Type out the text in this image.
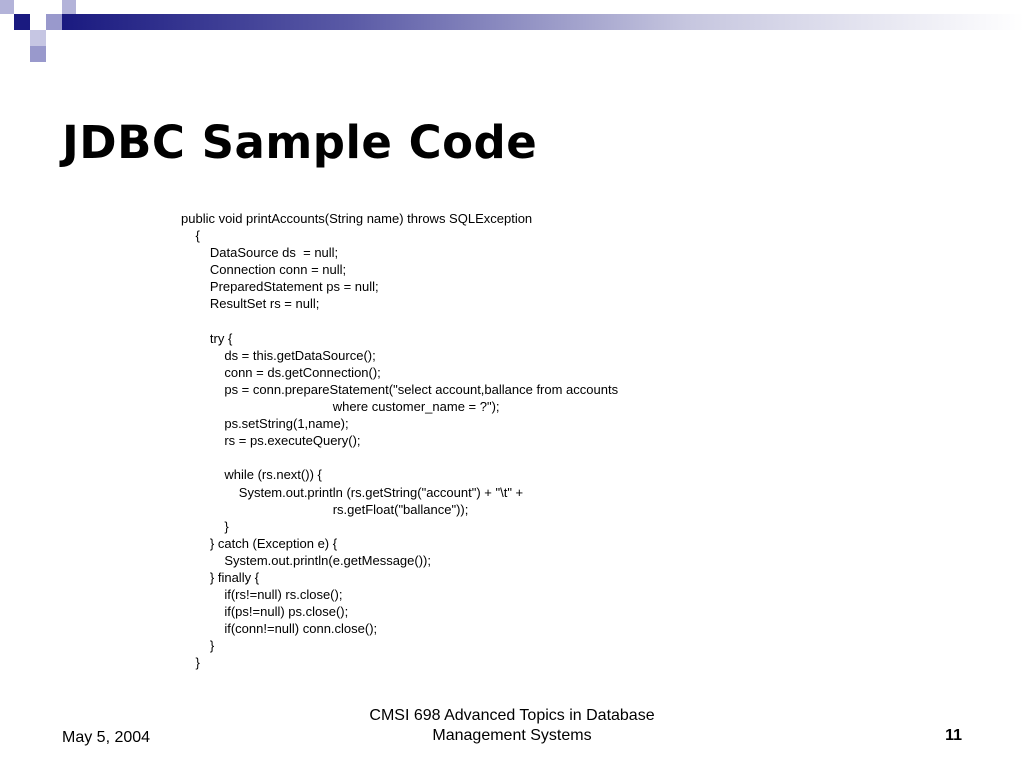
JDBC Sample Code
public void printAccounts(String name) throws SQLException
{
DataSource ds  = null;
Connection conn = null;
PreparedStatement ps = null;
ResultSet rs = null;
try {
ds = this.getDataSource();
conn = ds.getConnection();
ps = conn.prepareStatement("select account,ballance from accounts
where customer_name = ?");
ps.setString(1,name);
rs = ps.executeQuery();
while (rs.next()) {
System.out.println (rs.getString("account") + "\t" +
rs.getFloat("ballance"));
}
} catch (Exception e) {
System.out.println(e.getMessage());
} finally {
if(rs!=null) rs.close();
if(ps!=null) ps.close();
if(conn!=null) conn.close();
}
}
May 5, 2004
CMSI 698 Advanced Topics in Database
Management Systems	11
